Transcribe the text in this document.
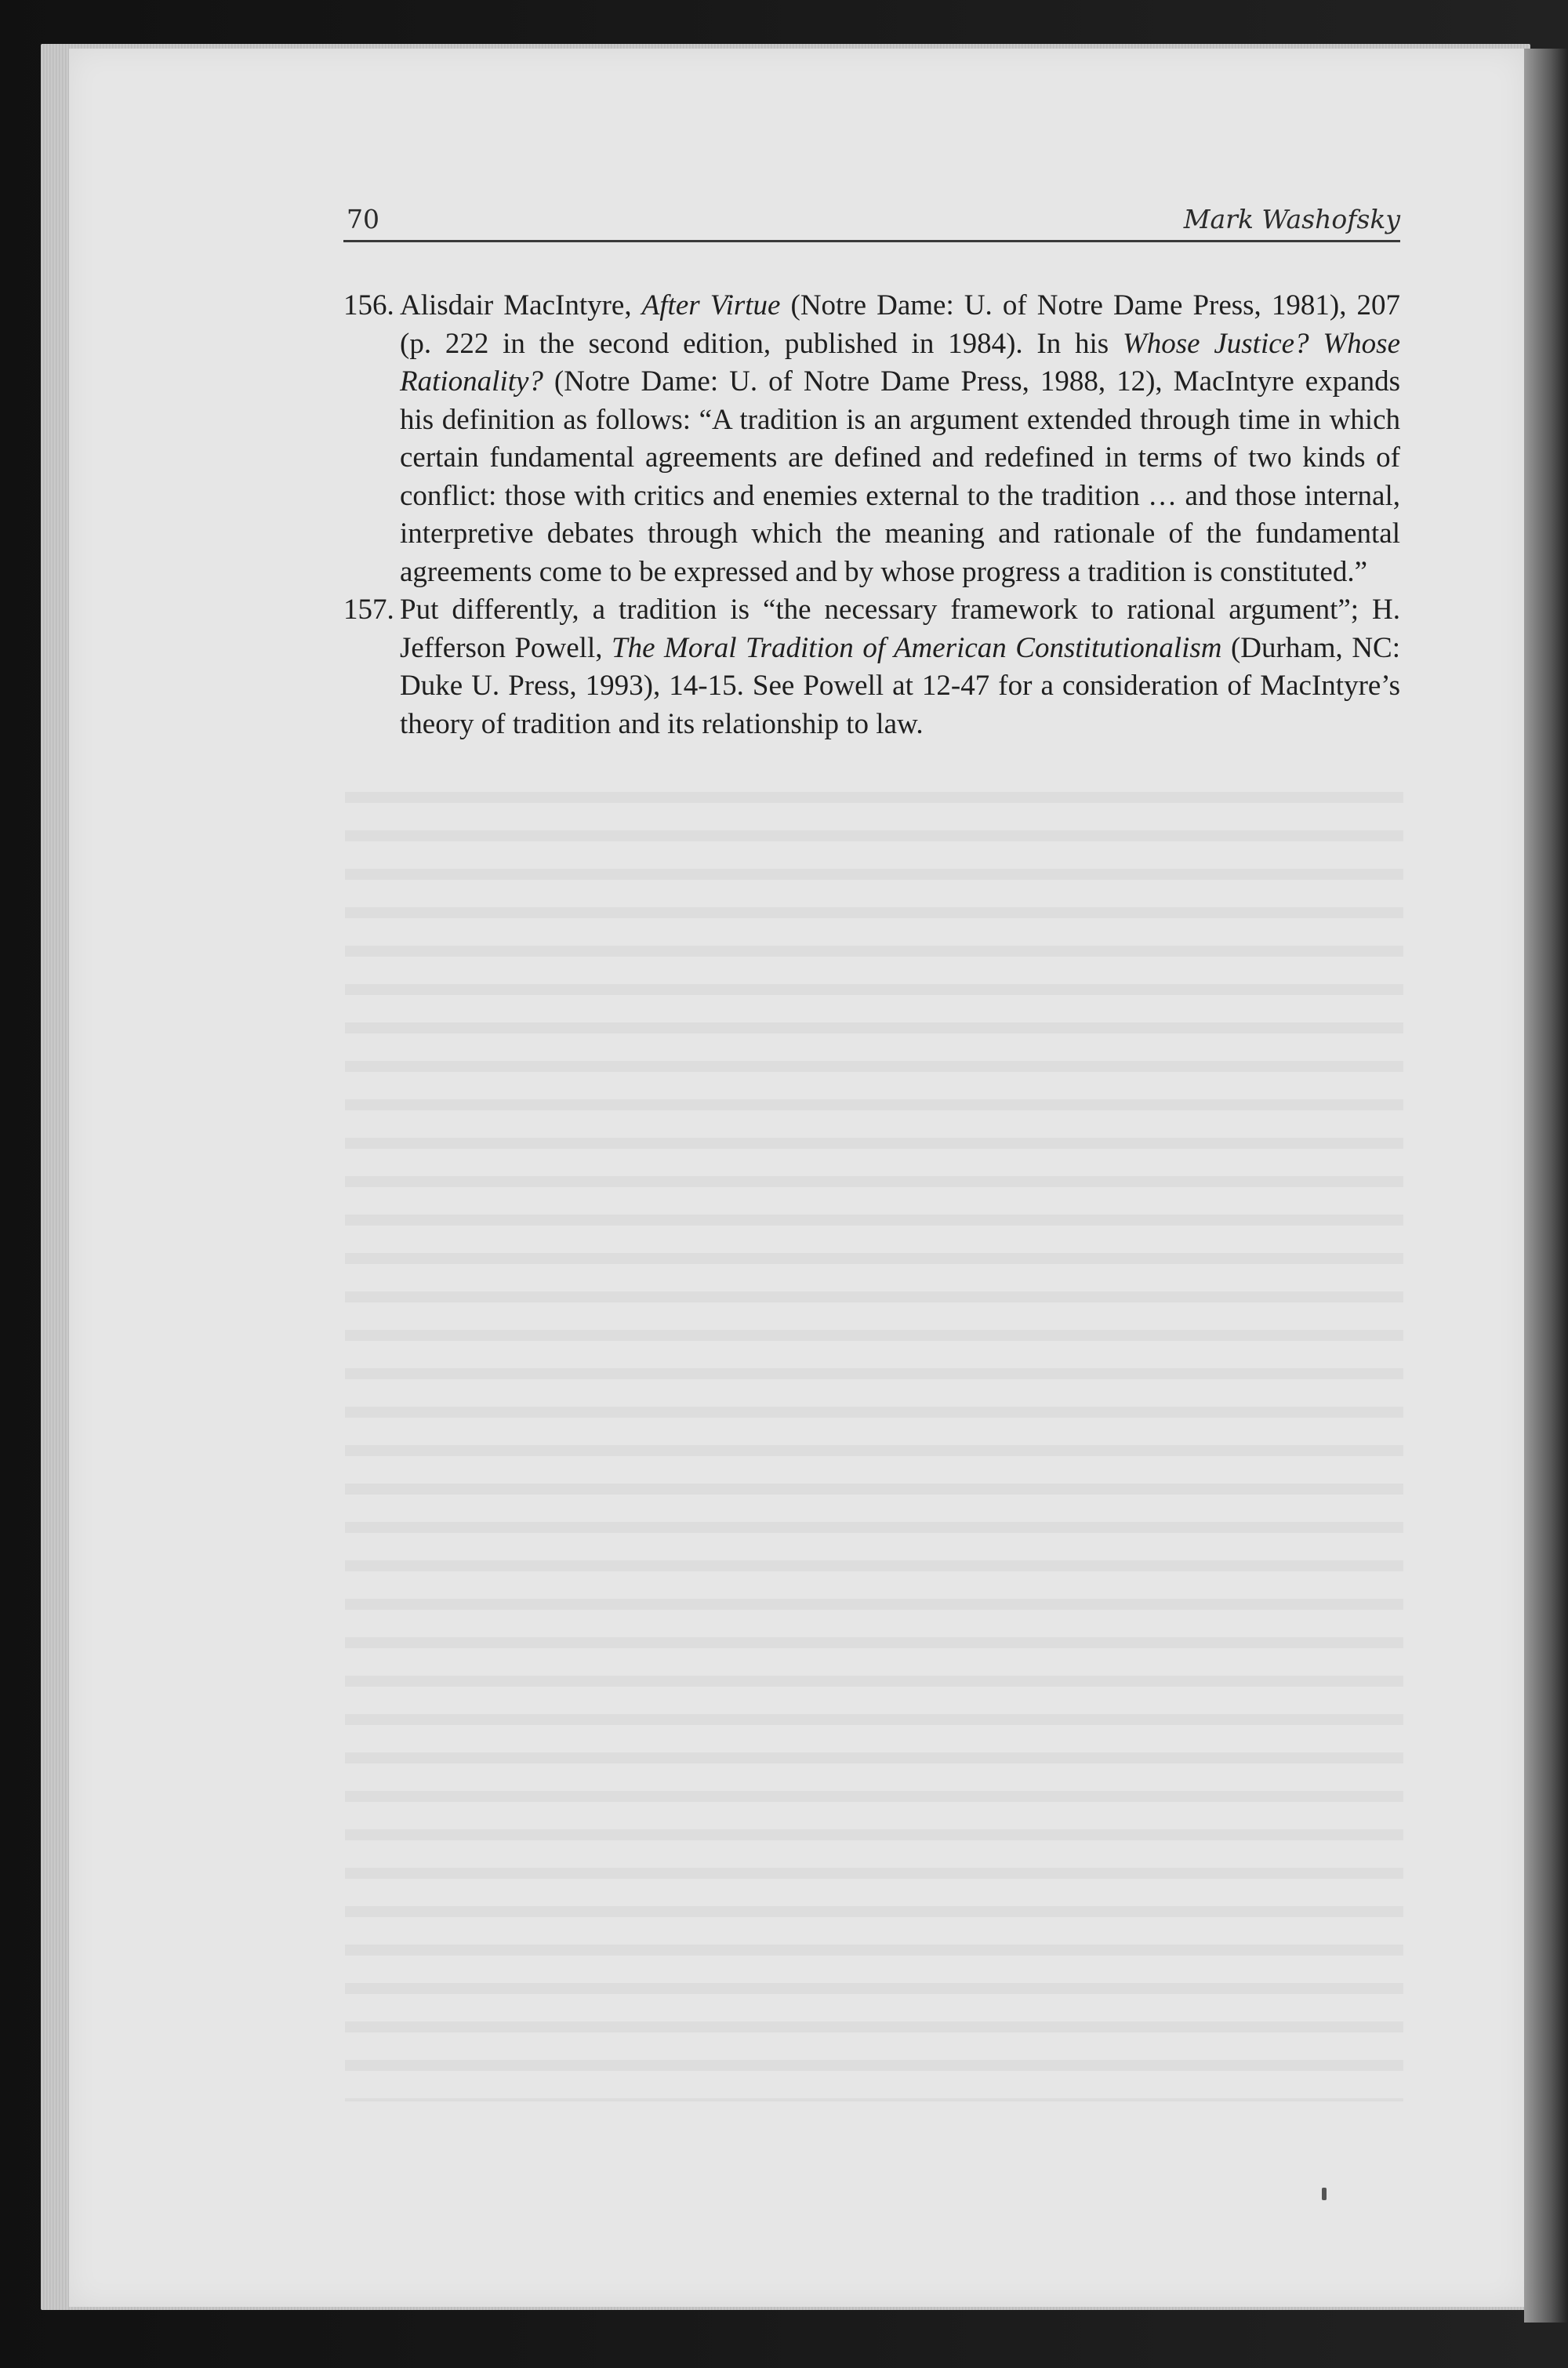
70	Mark Washofsky
156. Alisdair MacIntyre, After Virtue (Notre Dame: U. of Notre Dame Press, 1981), 207 (p. 222 in the second edition, published in 1984). In his Whose Justice? Whose Rationality? (Notre Dame: U. of Notre Dame Press, 1988, 12), MacIntyre expands his definition as follows: “A tradition is an argument extended through time in which certain fundamental agreements are defined and redefined in terms of two kinds of conflict: those with critics and enemies external to the tradition … and those internal, interpretive debates through which the meaning and rationale of the fundamental agreements come to be expressed and by whose progress a tradition is constituted.”
157. Put differently, a tradition is “the necessary framework to rational argument”; H. Jefferson Powell, The Moral Tradition of American Constitutionalism (Durham, NC: Duke U. Press, 1993), 14-15. See Powell at 12-47 for a consideration of MacIntyre’s theory of tradition and its relationship to law.
